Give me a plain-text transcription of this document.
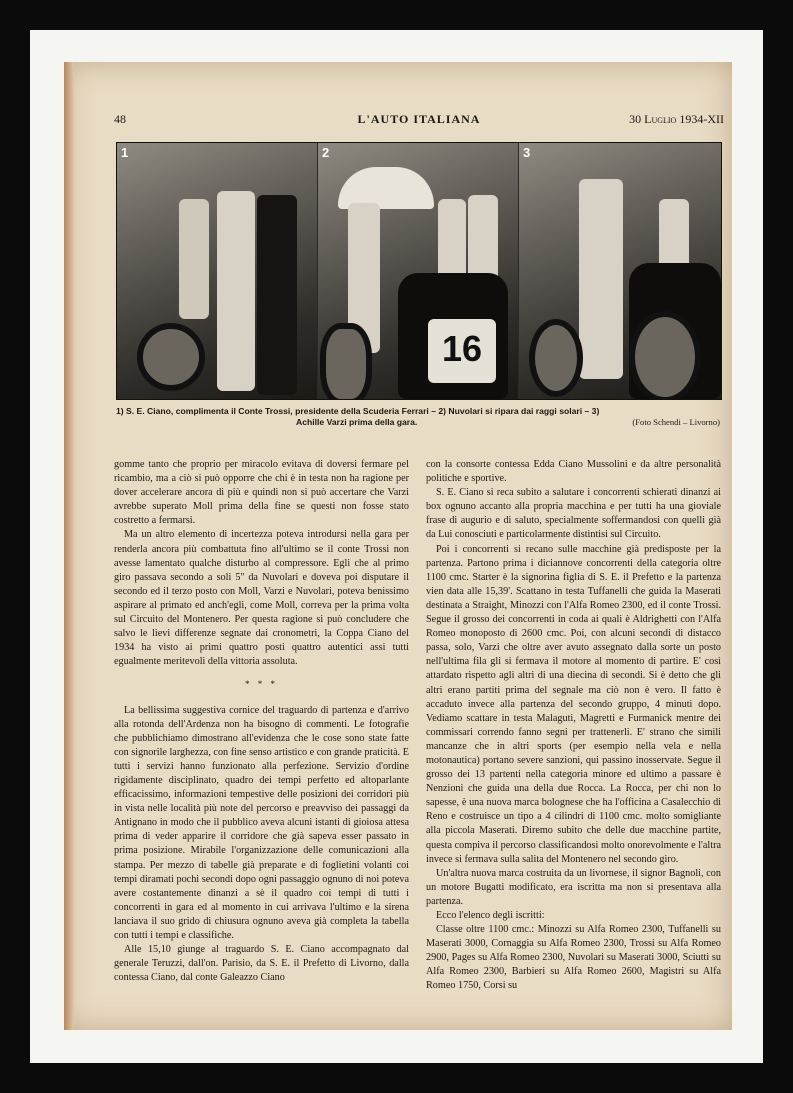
48	L'AUTO ITALIANA	30 Luglio 1934-XII
1	2
16
3
1) S. E. Ciano, complimenta il Conte Trossi, presidente della Scuderia Ferrari – 2) Nuvolari si ripara dai raggi solari – 3)
Achille Varzi prima della gara.	(Foto Schendi – Livorno)

gomme tanto che proprio per miracolo evitava di doversi fermare pel ricambio, ma a ciò si può opporre che chi è in testa non ha ragione per dover accelerare ancora di più e quindi non si può accertare che Varzi avrebbe superato Moll prima della fine se questi non fosse stato costretto a fermarsi.

Ma un altro elemento di incertezza poteva introdursi nella gara per renderla ancora più combattuta fino all'ultimo se il conte Trossi non avesse lamentato qualche disturbo al compressore. Egli che al primo giro passava secondo a soli 5'' da Nuvolari e doveva poi disputare il secondo ed il terzo posto con Moll, Varzi e Nuvolari, poteva benissimo aspirare al primato ed anch'egli, come Moll, correva per la prima volta sul Circuito del Montenero. Per questa ragione si può concludere che salvo le lievi differenze segnate dai cronometri, la Coppa Ciano del 1934 ha visto ai primi quattro posti quattro autentici assi tutti egualmente meritevoli della vittoria assoluta.

* * *

La bellissima suggestiva cornice del traguardo di partenza e d'arrivo alla rotonda dell'Ardenza non ha bisogno di commenti. Le fotografie che pubblichiamo dimostrano all'evidenza che le cose sono state fatte con signorile larghezza, con fine senso artistico e con grande praticità. E tutti i servizi hanno funzionato alla perfezione. Servizio d'ordine rigidamente disciplinato, quadro dei tempi perfetto ed altoparlante efficacissimo, informazioni tempestive delle posizioni dei corridori più in vista nelle località più note del percorso e preavviso dei passaggi da Antignano in modo che il pubblico aveva alcuni istanti di gioiosa attesa prima di veder apparire il corridore che già sapeva esser passato in prima posizione. Mirabile l'organizzazione delle comunicazioni alla stampa. Per mezzo di tabelle già preparate e di foglietini volanti coi tempi diramati pochi secondi dopo ogni passaggio ognuno di noi poteva avere costantemente dinanzi a sè il quadro coi tempi di tutti i concorrenti in gara ed al momento in cui arrivava l'ultimo e la sirena lanciava il suo grido di chiusura ognuno aveva già completa la tabella con tutti i tempi e classifiche.

Alle 15,10 giunge al traguardo S. E. Ciano accompagnato dal generale Teruzzi, dall'on. Parisio, da S. E. il Prefetto di Livorno, dalla contessa Ciano, dal conte Galeazzo Ciano

con la consorte contessa Edda Ciano Mussolini e da altre personalità politiche e sportive.

S. E. Ciano si reca subito a salutare i concorrenti schierati dinanzi ai box ognuno accanto alla propria macchina e per tutti ha una gioviale frase di augurio e di saluto, specialmente soffermandosi con quelli già da Lui conosciuti e particolarmente distintisi sul Circuito.

Poi i concorrenti si recano sulle macchine già predisposte per la partenza. Partono prima i diciannove concorrenti della categoria oltre 1100 cmc. Starter è la signorina figlia di S. E. il Prefetto e la partenza vien data alle 15,39'. Scattano in testa Tuffanelli che guida la Maserati destinata a Straight, Minozzi con l'Alfa Romeo 2300, ed il conte Trossi. Segue il grosso dei concorrenti in coda ai quali è Aldrighetti con l'Alfa Romeo monoposto di 2600 cmc. Poi, con alcuni secondi di distacco passa, solo, Varzi che oltre aver avuto assegnato dalla sorte un posto nell'ultima fila gli si fermava il motore al momento di partire. E' così attardato rispetto agli altri di una diecina di secondi. Si è detto che gli altri erano partiti prima del segnale ma ciò non è vero. Il fatto è accaduto invece alla partenza del secondo gruppo, 4 minuti dopo. Vediamo scattare in testa Malaguti, Magretti e Furmanick mentre dei commissari correndo fanno segni per trattenerli. E' strano che simili mancanze che in altri sports (per esempio nella vela e nella motonautica) portano severe sanzioni, qui passino inosservate. Segue il grosso dei 13 partenti nella categoria minore ed ultimo a passare è Nenzioni che guida una della due Rocca. La Rocca, per chi non lo sapesse, è una nuova marca bolognese che ha l'officina a Casalecchio di Reno e costruisce un tipo a 4 cilindri di 1100 cmc. molto somigliante alla piccola Maserati. Diremo subito che delle due macchine partite, questa compiva il percorso classificandosi molto onorevolmente e l'altra invece si fermava sulla salita del Montenero nel secondo giro.

Un'altra nuova marca costruita da un livornese, il signor Bagnoli, con un motore Bugatti modificato, era iscritta ma non si presentava alla partenza.

Ecco l'elenco degli iscritti:

Classe oltre 1100 cmc.: Minozzi su Alfa Romeo 2300, Tuffanelli su Maserati 3000, Cornaggia su Alfa Romeo 2300, Trossi su Alfa Romeo 2900, Pages su Alfa Romeo 2300, Nuvolari su Maserati 3000, Sciutti su Alfa Romeo 2300, Barbieri su Alfa Romeo 2600, Magistri su Alfa Romeo 1750, Corsi su
